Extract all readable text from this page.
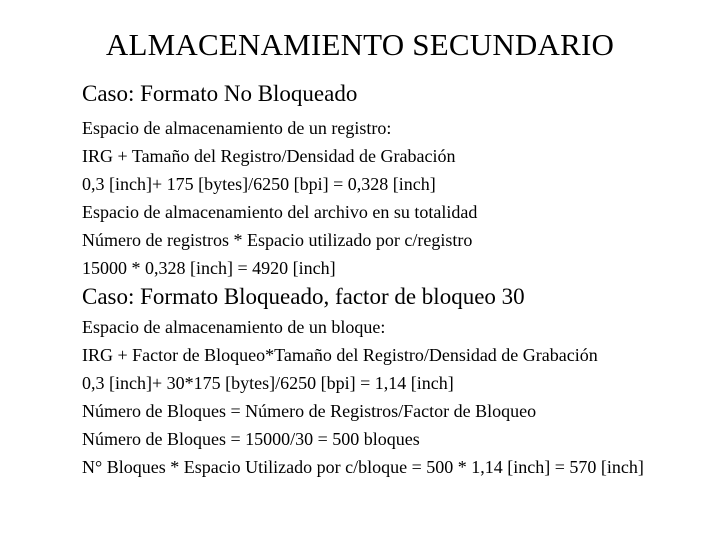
ALMACENAMIENTO SECUNDARIO
Caso: Formato No Bloqueado
Espacio de almacenamiento de un registro:
IRG + Tamaño del Registro/Densidad de Grabación
0,3 [inch]+ 175 [bytes]/6250 [bpi] = 0,328 [inch]
Espacio de almacenamiento del archivo en su totalidad
Número de registros * Espacio utilizado por c/registro
15000 * 0,328 [inch] = 4920 [inch]
Caso: Formato Bloqueado, factor de bloqueo 30
Espacio de almacenamiento de un bloque:
IRG + Factor de Bloqueo*Tamaño del Registro/Densidad de Grabación
0,3 [inch]+ 30*175 [bytes]/6250 [bpi] = 1,14 [inch]
Número de Bloques = Número de Registros/Factor de Bloqueo
Número de Bloques = 15000/30 = 500 bloques
N° Bloques * Espacio Utilizado por c/bloque = 500 * 1,14 [inch] = 570 [inch]
